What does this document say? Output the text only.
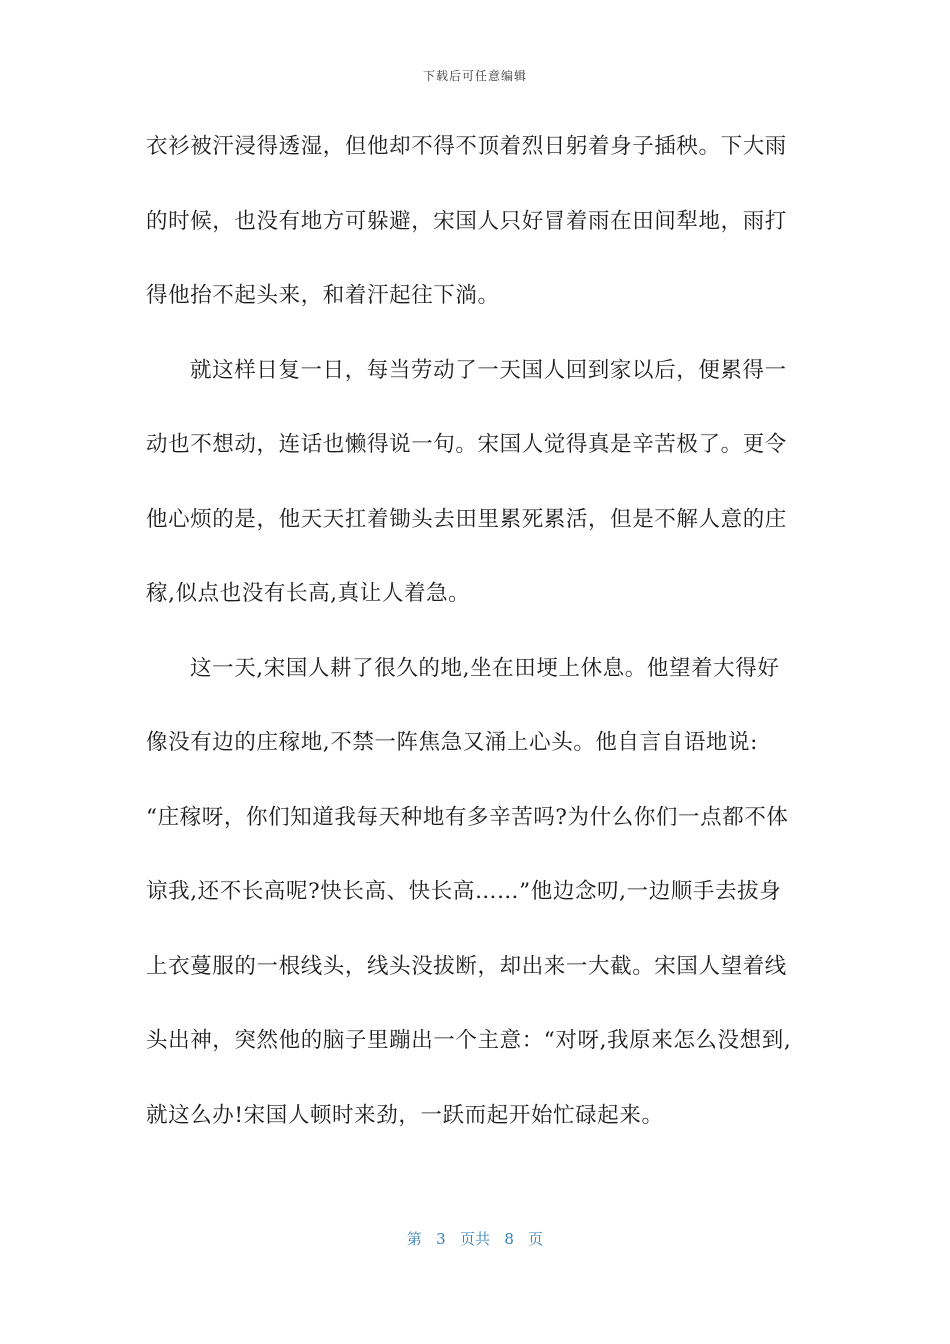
下载后可任意编辑
衣衫被汗浸得透湿，但他却不得不顶着烈日躬着身子插秧。下大雨
的时候，也没有地方可躲避，宋国人只好冒着雨在田间犁地，雨打
得他抬不起头来，和着汗起往下淌。
就这样日复一日，每当劳动了一天国人回到家以后，便累得一
动也不想动，连话也懒得说一句。宋国人觉得真是辛苦极了。更令
他心烦的是，他天天扛着锄头去田里累死累活，但是不解人意的庄
稼,似点也没有长高,真让人着急。
这一天,宋国人耕了很久的地,坐在田埂上休息。他望着大得好
像没有边的庄稼地,不禁一阵焦急又涌上心头。他自言自语地说:
“庄稼呀，你们知道我每天种地有多辛苦吗?为什么你们一点都不体
谅我,还不长高呢?快长高、快长高……”他边念叨,一边顺手去拔身
上衣蔓服的一根线头，线头没拔断，却出来一大截。宋国人望着线
头出神，突然他的脑子里蹦出一个主意：“对呀,我原来怎么没想到,
就这么办!宋国人顿时来劲，一跃而起开始忙碌起来。
第 3 页共 8 页
